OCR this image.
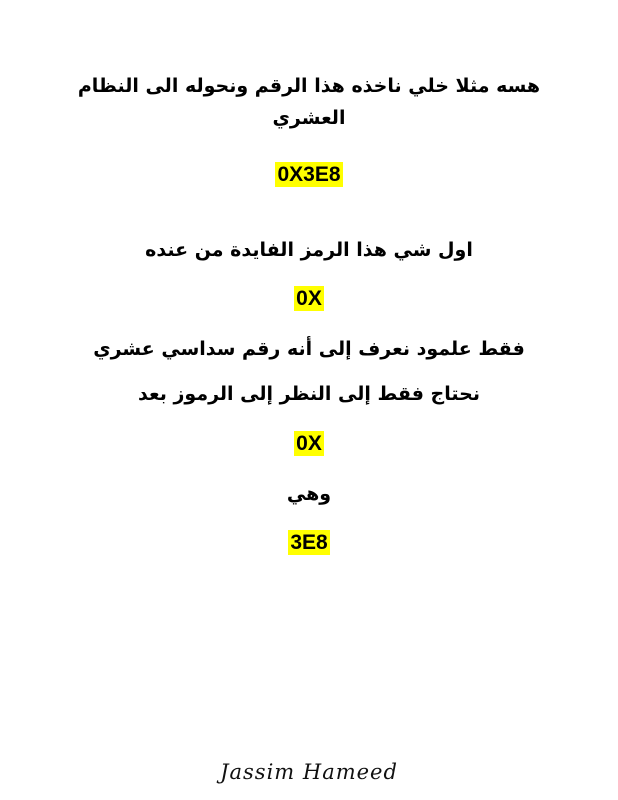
هسه مثلا خلي ناخذه هذا الرقم ونحوله الى النظام العشري
0X3E8
اول شي هذا الرمز الفايدة من عنده
0X
فقط علمود نعرف إلى أنه رقم سداسي عشري
نحتاج فقط إلى النظر إلى الرموز بعد
0X
وهي
3E8
Jassim Hameed
